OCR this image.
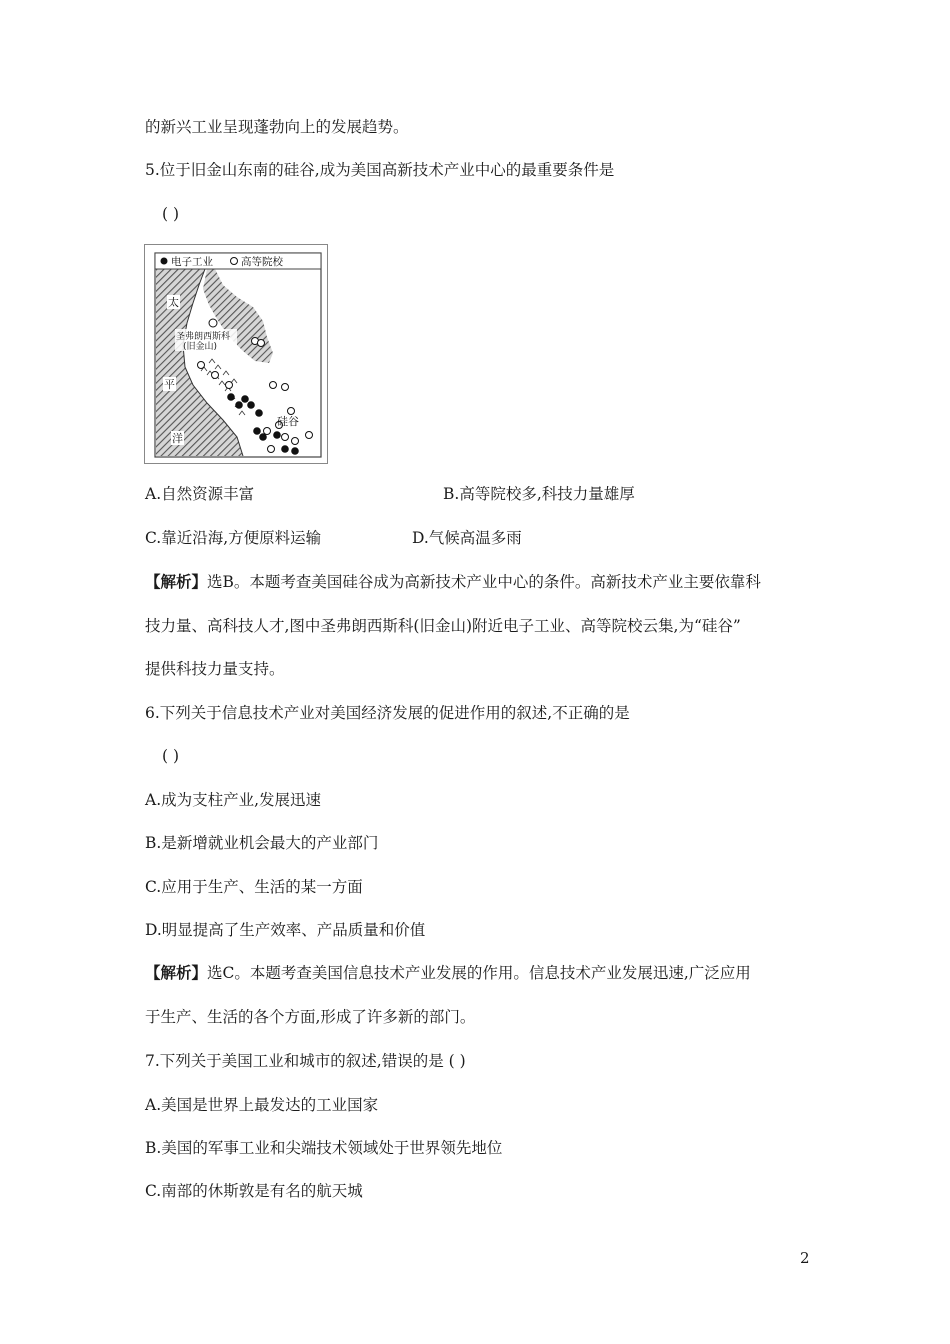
的新兴工业呈现蓬勃向上的发展趋势。
5.位于旧金山东南的硅谷,成为美国高新技术产业中心的最重要条件是
( )
电子工业	高等院校
太
平
洋
圣弗朗西斯科
(旧金山)
硅谷
A.自然资源丰富	B.高等院校多,科技力量雄厚
C.靠近沿海,方便原料运输	D.气候高温多雨
【解析】选B。本题考查美国硅谷成为高新技术产业中心的条件。高新技术产业主要依靠科
技力量、高科技人才,图中圣弗朗西斯科(旧金山)附近电子工业、高等院校云集,为“硅谷”
提供科技力量支持。
6.下列关于信息技术产业对美国经济发展的促进作用的叙述,不正确的是
( )
A.成为支柱产业,发展迅速
B.是新增就业机会最大的产业部门
C.应用于生产、生活的某一方面
D.明显提高了生产效率、产品质量和价值
【解析】选C。本题考查美国信息技术产业发展的作用。信息技术产业发展迅速,广泛应用
于生产、生活的各个方面,形成了许多新的部门。
7.下列关于美国工业和城市的叙述,错误的是 ( )
A.美国是世界上最发达的工业国家
B.美国的军事工业和尖端技术领域处于世界领先地位
C.南部的休斯敦是有名的航天城
2
